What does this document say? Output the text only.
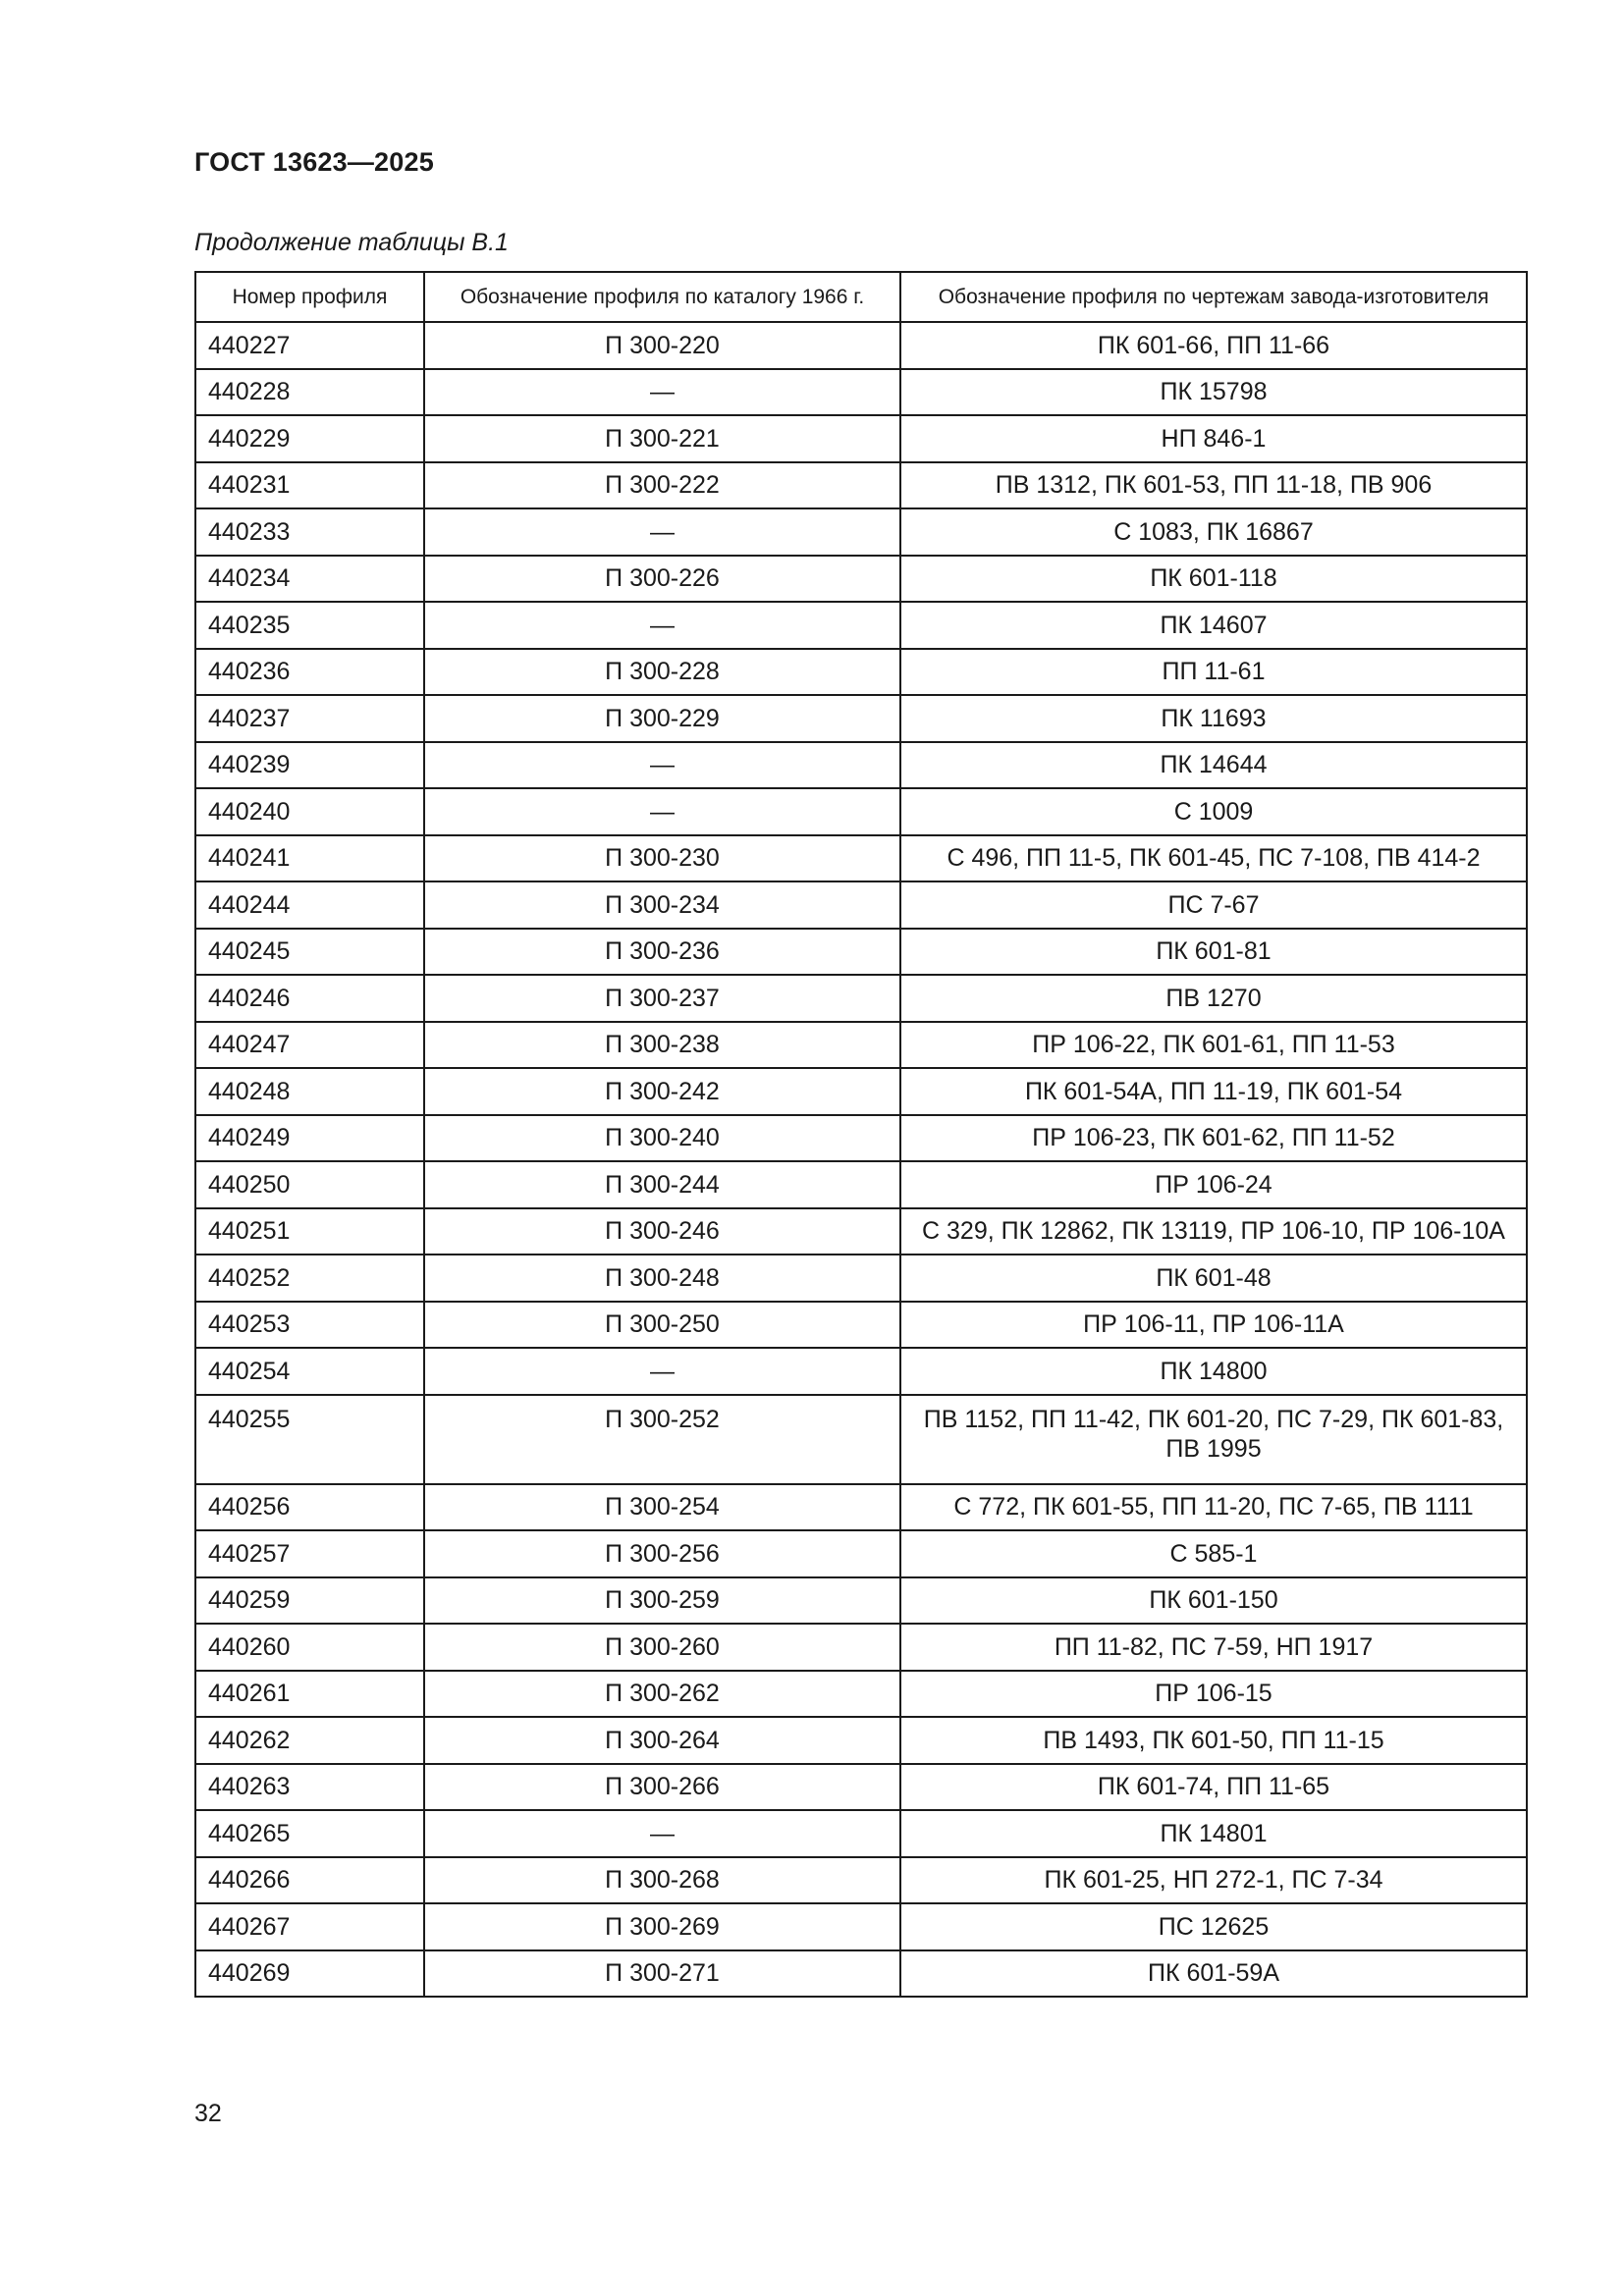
ГОСТ 13623—2025
Продолжение таблицы В.1
Номер профиля	Обозначение профиля по каталогу 1966 г.	Обозначение профиля по чертежам завода-изготовителя
440227	П 300-220	ПК 601-66, ПП 11-66
440228	—	ПК 15798
440229	П 300-221	НП 846-1
440231	П 300-222	ПВ 1312, ПК 601-53, ПП 11-18, ПВ 906
440233	—	С 1083, ПК 16867
440234	П 300-226	ПК 601-118
440235	—	ПК 14607
440236	П 300-228	ПП 11-61
440237	П 300-229	ПК 11693
440239	—	ПК 14644
440240	—	С 1009
440241	П 300-230	С 496, ПП 11-5, ПК 601-45, ПС 7-108, ПВ 414-2
440244	П 300-234	ПС 7-67
440245	П 300-236	ПК 601-81
440246	П 300-237	ПВ 1270
440247	П 300-238	ПР 106-22, ПК 601-61, ПП 11-53
440248	П 300-242	ПК 601-54А, ПП 11-19, ПК 601-54
440249	П 300-240	ПР 106-23, ПК 601-62, ПП 11-52
440250	П 300-244	ПР 106-24
440251	П 300-246	С 329, ПК 12862, ПК 13119, ПР 106-10, ПР 106-10А
440252	П 300-248	ПК 601-48
440253	П 300-250	ПР 106-11, ПР 106-11А
440254	—	ПК 14800
440255	П 300-252	ПВ 1152, ПП 11-42, ПК 601-20, ПС 7-29, ПК 601-83, ПВ 1995
440256	П 300-254	С 772, ПК 601-55, ПП 11-20, ПС 7-65, ПВ 1111
440257	П 300-256	С 585-1
440259	П 300-259	ПК 601-150
440260	П 300-260	ПП 11-82, ПС 7-59, НП 1917
440261	П 300-262	ПР 106-15
440262	П 300-264	ПВ 1493, ПК 601-50, ПП 11-15
440263	П 300-266	ПК 601-74, ПП 11-65
440265	—	ПК 14801
440266	П 300-268	ПК 601-25, НП 272-1, ПС 7-34
440267	П 300-269	ПС 12625
440269	П 300-271	ПК 601-59А
32
